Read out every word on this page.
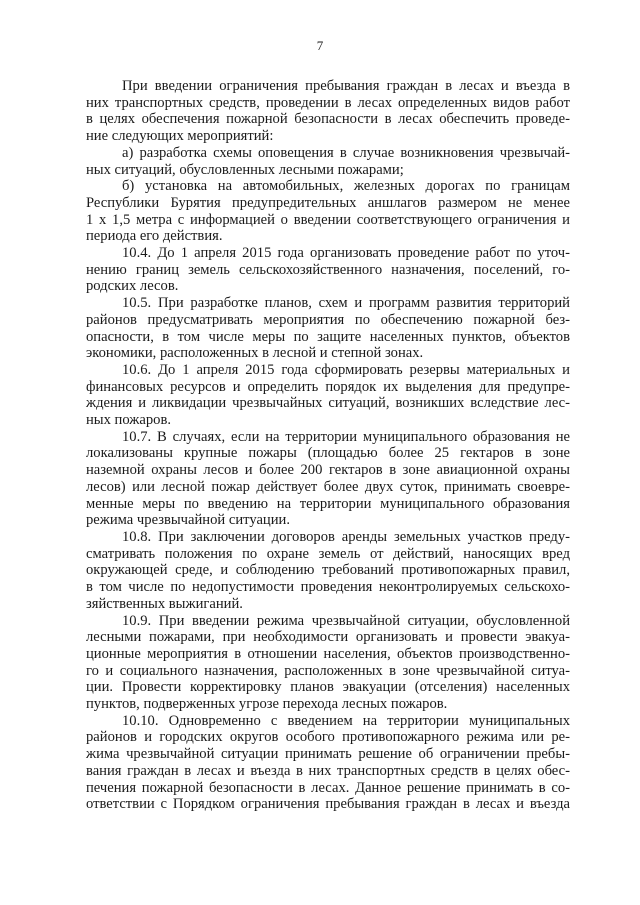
7

При введении ограничения пребывания граждан в лесах и въезда в
них транспортных средств, проведении в лесах определенных видов работ
в целях обеспечения пожарной безопасности в лесах обеспечить проведе-
ние следующих мероприятий:

а) разработка схемы оповещения в случае возникновения чрезвычай-
ных ситуаций, обусловленных лесными пожарами;

б) установка на автомобильных, железных дорогах по границам
Республики Бурятия предупредительных аншлагов размером не менее
1 x 1,5 метра с информацией о введении соответствующего ограничения и
периода его действия.

10.4. До 1 апреля 2015 года организовать проведение работ по уточ-
нению границ земель сельскохозяйственного назначения, поселений, го-
родских лесов.

10.5. При разработке планов, схем и программ развития территорий
районов предусматривать мероприятия по обеспечению пожарной без-
опасности, в том числе меры по защите населенных пунктов, объектов
экономики, расположенных в лесной и степной зонах.

10.6. До 1 апреля 2015 года сформировать резервы материальных и
финансовых ресурсов и определить порядок их выделения для предупре-
ждения и ликвидации чрезвычайных ситуаций, возникших вследствие лес-
ных пожаров.

10.7. В случаях, если на территории муниципального образования не
локализованы крупные пожары (площадью более 25 гектаров в зоне
наземной охраны лесов и более 200 гектаров в зоне авиационной охраны
лесов) или лесной пожар действует более двух суток, принимать своевре-
менные меры по введению на территории муниципального образования
режима чрезвычайной ситуации.

10.8. При заключении договоров аренды земельных участков преду-
сматривать положения по охране земель от действий, наносящих вред
окружающей среде, и соблюдению требований противопожарных правил,
в том числе по недопустимости проведения неконтролируемых сельскохо-
зяйственных выжиганий.

10.9. При введении режима чрезвычайной ситуации, обусловленной
лесными пожарами, при необходимости организовать и провести эвакуа-
ционные мероприятия в отношении населения, объектов производственно-
го и социального назначения, расположенных в зоне чрезвычайной ситуа-
ции. Провести корректировку планов эвакуации (отселения) населенных
пунктов, подверженных угрозе перехода лесных пожаров.

10.10. Одновременно с введением на территории муниципальных
районов и городских округов особого противопожарного режима или ре-
жима чрезвычайной ситуации принимать решение об ограничении пребы-
вания граждан в лесах и въезда в них транспортных средств в целях обес-
печения пожарной безопасности в лесах. Данное решение принимать в со-
ответствии с Порядком ограничения пребывания граждан в лесах и въезда
